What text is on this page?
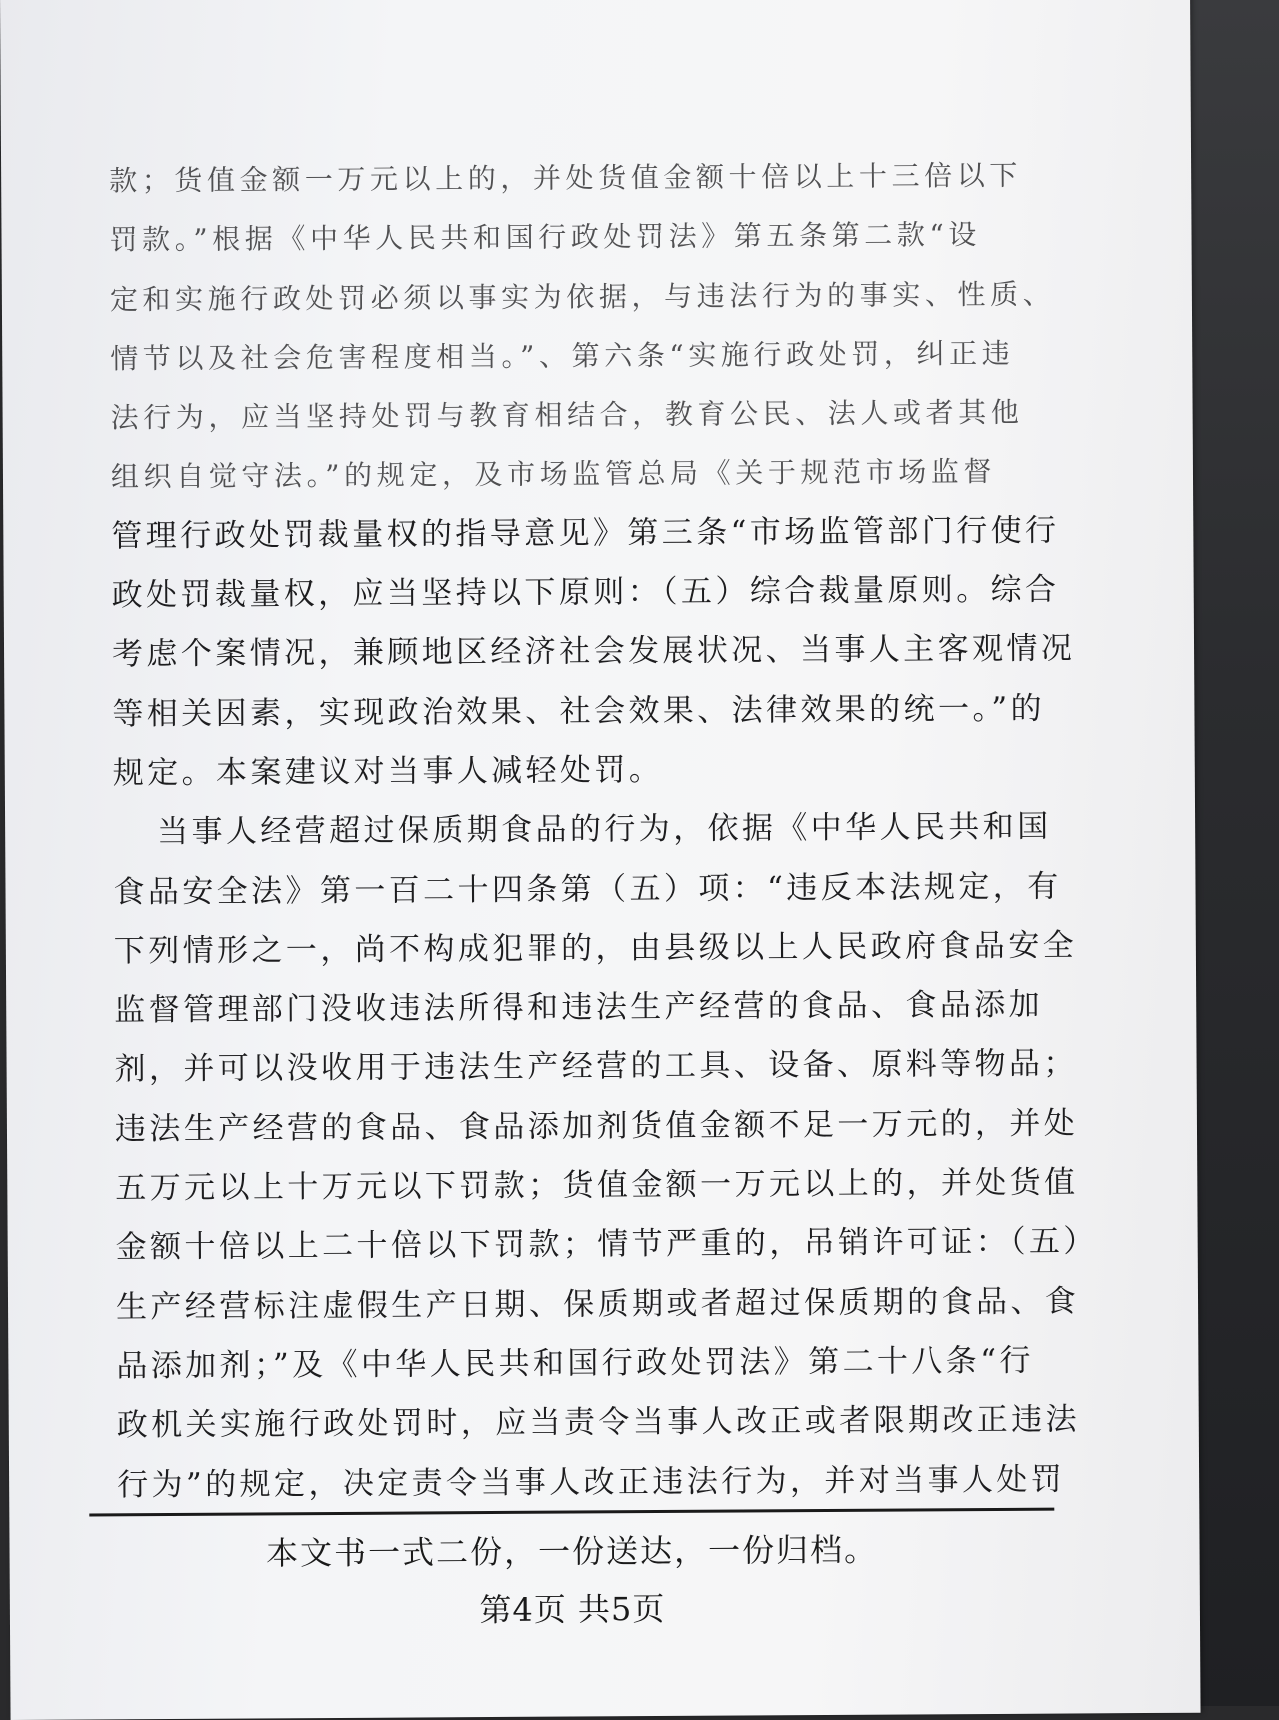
款；货值金额一万元以上的，并处货值金额十倍以上十三倍以下
罚款。”根据《中华人民共和国行政处罚法》第五条第二款“设
定和实施行政处罚必须以事实为依据，与违法行为的事实、性质、
情节以及社会危害程度相当。”、第六条“实施行政处罚，纠正违
法行为，应当坚持处罚与教育相结合，教育公民、法人或者其他
组织自觉守法。”的规定，及市场监管总局《关于规范市场监督
管理行政处罚裁量权的指导意见》第三条“市场监管部门行使行
政处罚裁量权，应当坚持以下原则：（五）综合裁量原则。综合
考虑个案情况，兼顾地区经济社会发展状况、当事人主客观情况
等相关因素，实现政治效果、社会效果、法律效果的统一。”的
规定。本案建议对当事人减轻处罚。
当事人经营超过保质期食品的行为，依据《中华人民共和国
食品安全法》第一百二十四条第（五）项：“违反本法规定，有
下列情形之一，尚不构成犯罪的，由县级以上人民政府食品安全
监督管理部门没收违法所得和违法生产经营的食品、食品添加
剂，并可以没收用于违法生产经营的工具、设备、原料等物品；
违法生产经营的食品、食品添加剂货值金额不足一万元的，并处
五万元以上十万元以下罚款；货值金额一万元以上的，并处货值
金额十倍以上二十倍以下罚款；情节严重的，吊销许可证：（五）
生产经营标注虚假生产日期、保质期或者超过保质期的食品、食
品添加剂；”及《中华人民共和国行政处罚法》第二十八条“行
政机关实施行政处罚时，应当责令当事人改正或者限期改正违法
行为”的规定，决定责令当事人改正违法行为，并对当事人处罚
本文书一式二份，一份送达，一份归档。
第4页 共5页
